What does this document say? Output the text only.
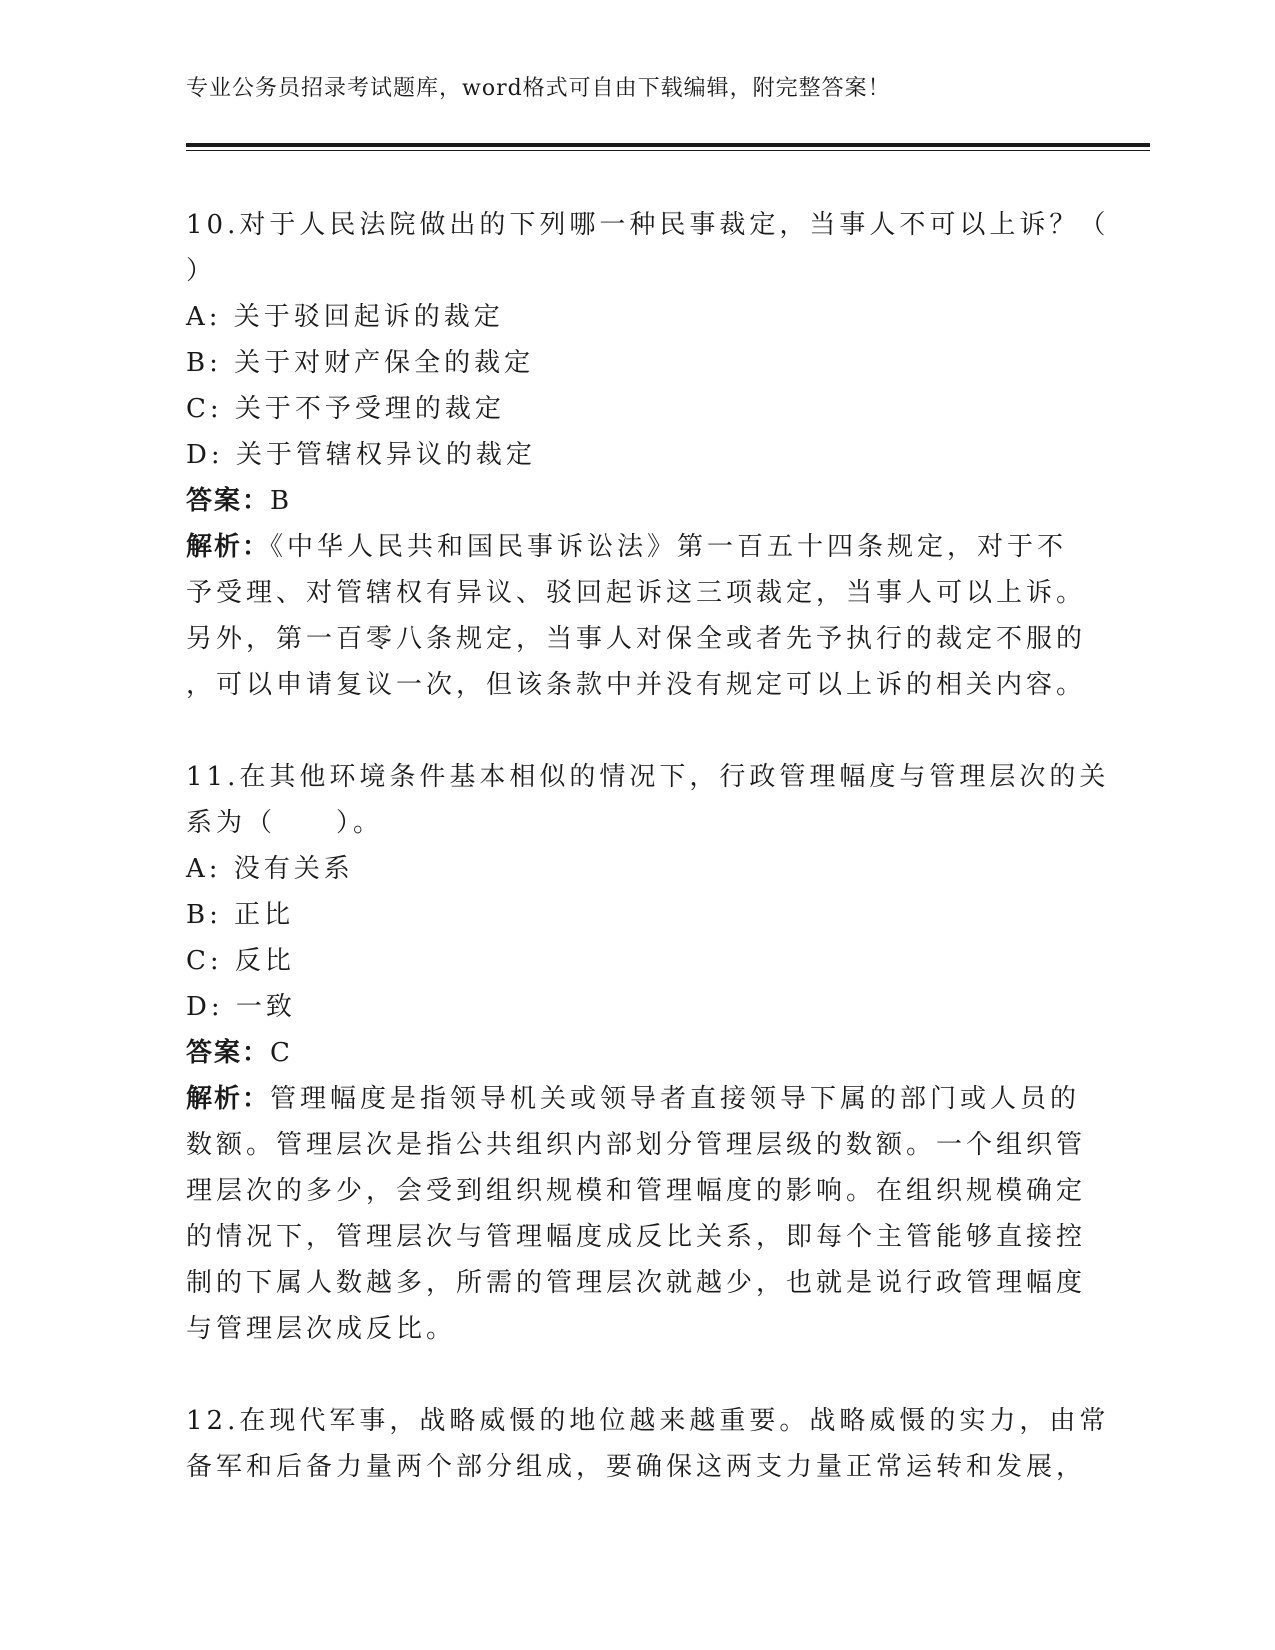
专业公务员招录考试题库，word格式可自由下载编辑，附完整答案！
10.对于人民法院做出的下列哪一种民事裁定，当事人不可以上诉？（
）
A: 关于驳回起诉的裁定
B: 关于对财产保全的裁定
C: 关于不予受理的裁定
D: 关于管辖权异议的裁定
答案：B
解析：《中华人民共和国民事诉讼法》第一百五十四条规定，对于不
予受理、对管辖权有异议、驳回起诉这三项裁定，当事人可以上诉。
另外，第一百零八条规定，当事人对保全或者先予执行的裁定不服的
，可以申请复议一次，但该条款中并没有规定可以上诉的相关内容。
11.在其他环境条件基本相似的情况下，行政管理幅度与管理层次的关
系为（　　）。
A: 没有关系
B: 正比
C: 反比
D: 一致
答案：C
解析：管理幅度是指领导机关或领导者直接领导下属的部门或人员的
数额。管理层次是指公共组织内部划分管理层级的数额。一个组织管
理层次的多少，会受到组织规模和管理幅度的影响。在组织规模确定
的情况下，管理层次与管理幅度成反比关系，即每个主管能够直接控
制的下属人数越多，所需的管理层次就越少，也就是说行政管理幅度
与管理层次成反比。
12.在现代军事，战略威慑的地位越来越重要。战略威慑的实力，由常
备军和后备力量两个部分组成，要确保这两支力量正常运转和发展，
